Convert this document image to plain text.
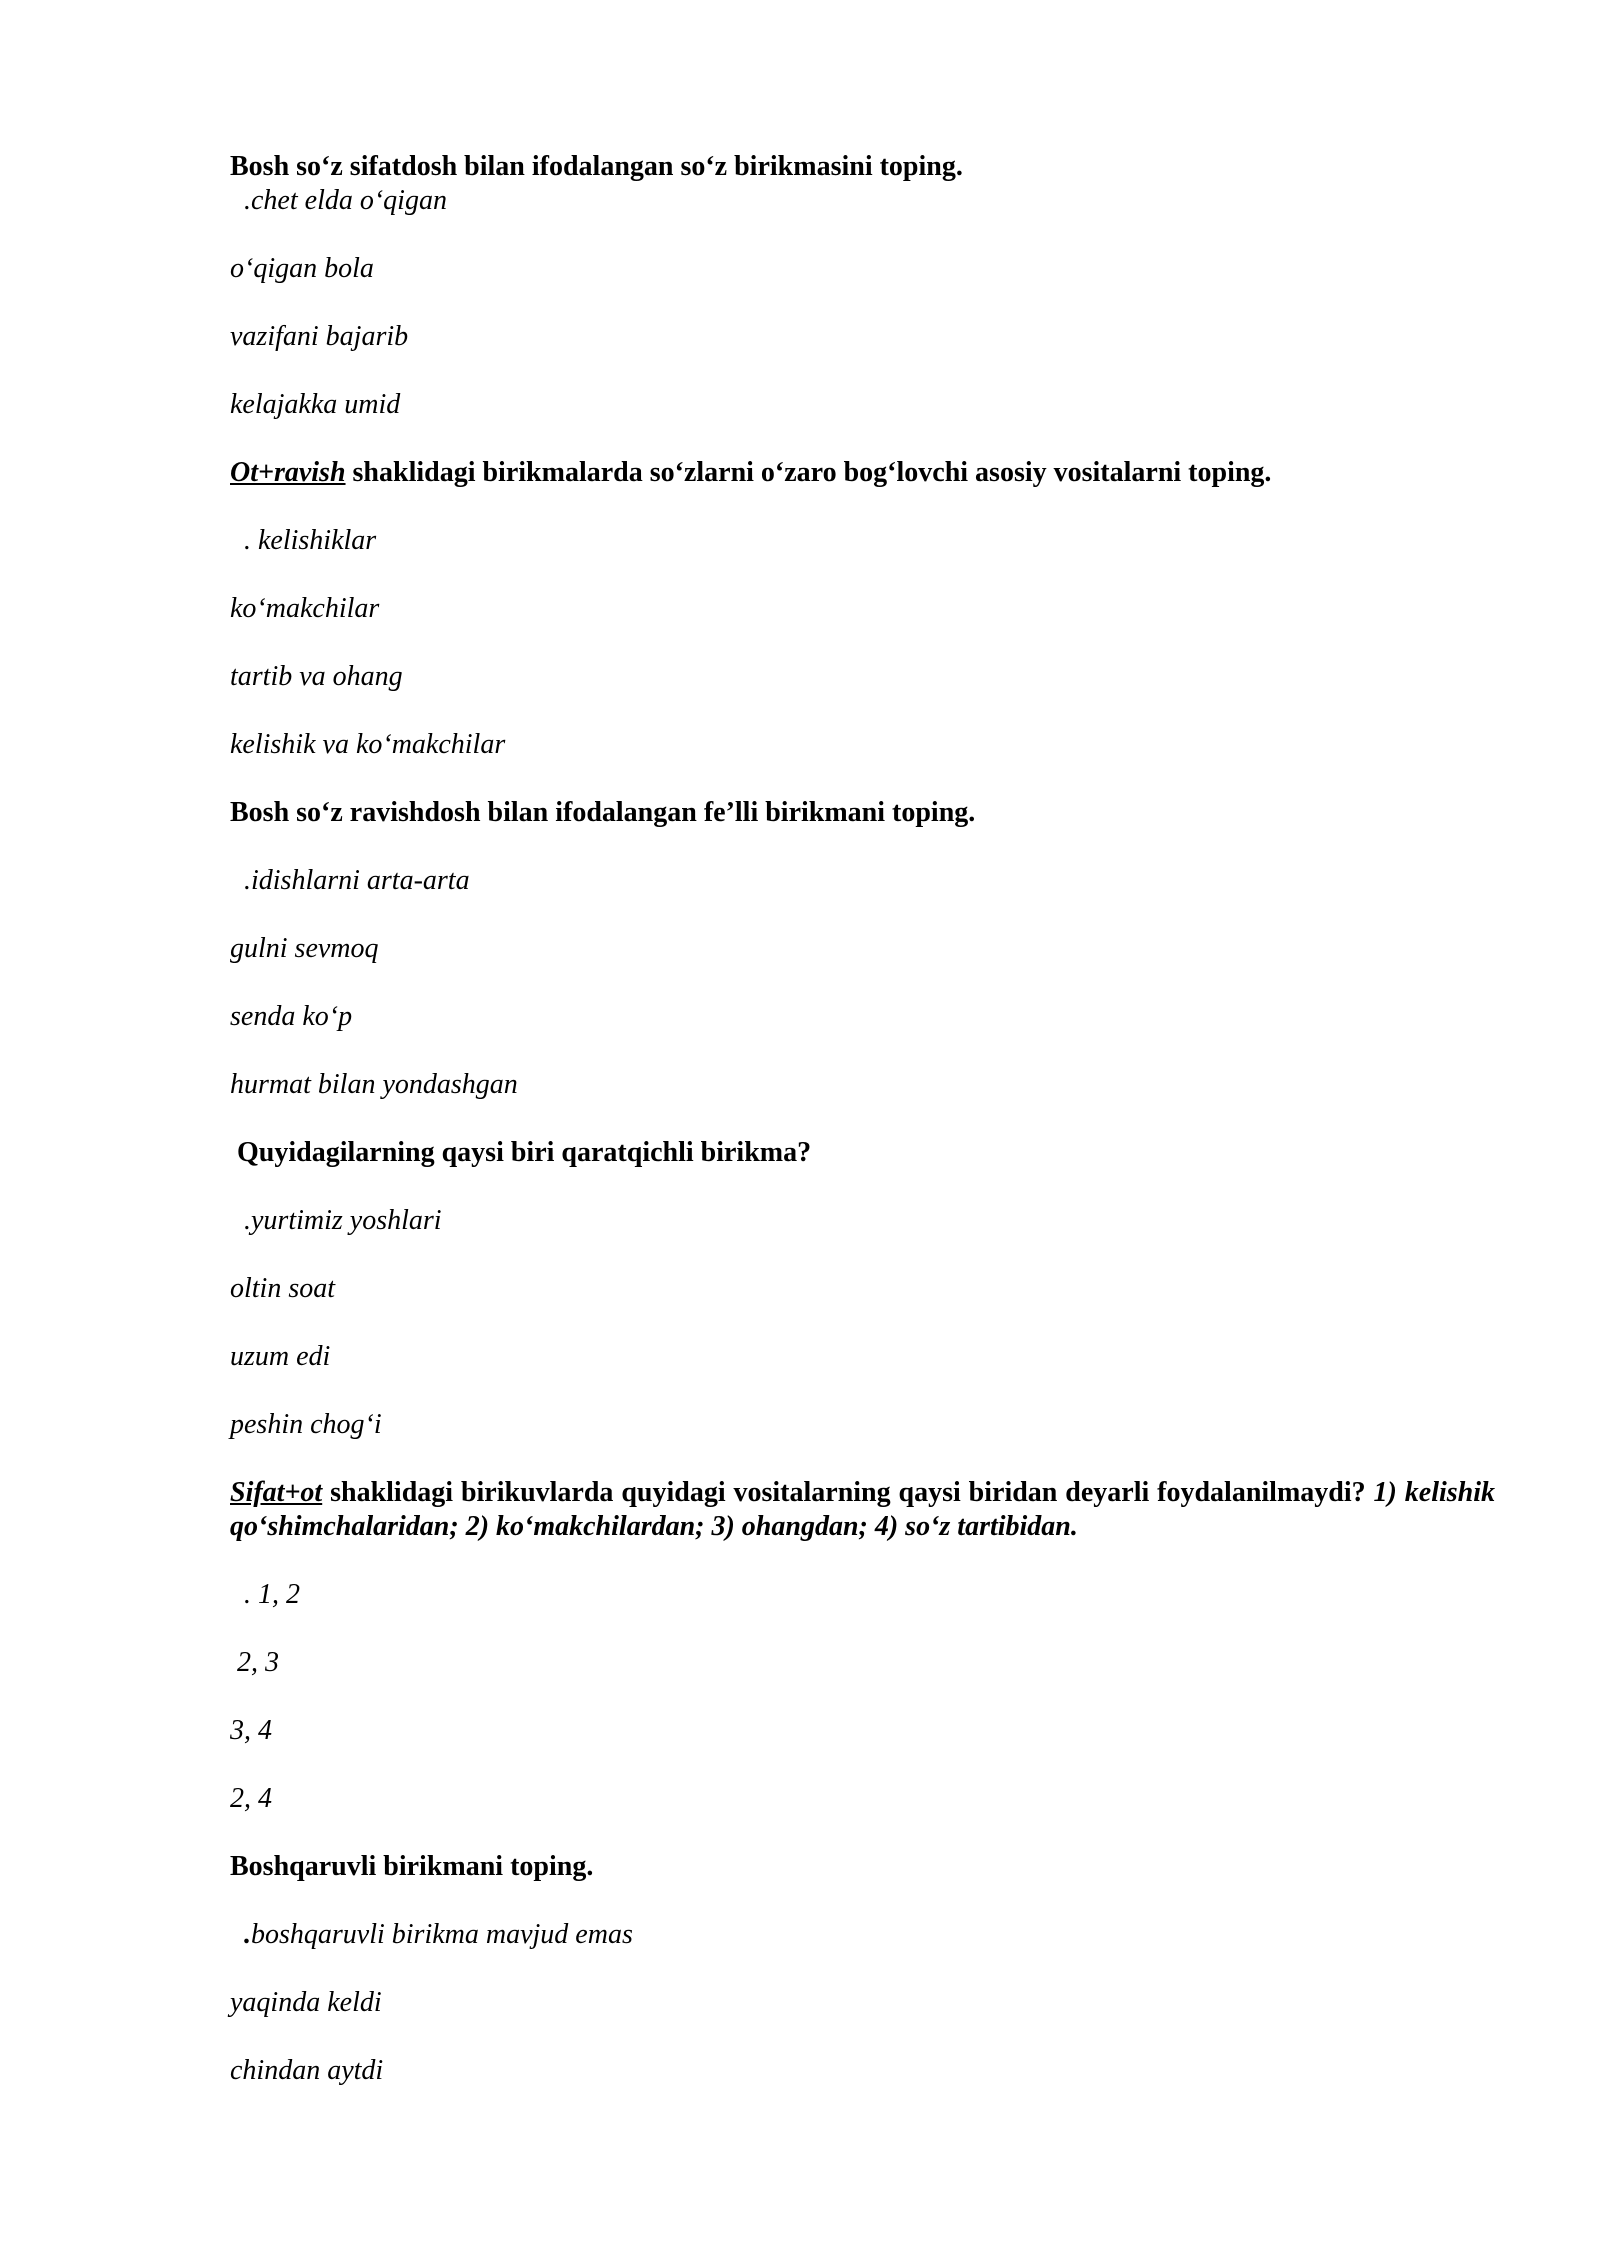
Bosh so‘z sifatdosh bilan ifodalangan so‘z birikmasini toping.
.chet elda o‘qigan
o‘qigan bola
vazifani bajarib
kelajakka umid
Ot+ravish shaklidagi birikmalarda so‘zlarni o‘zaro bog‘lovchi asosiy vositalarni toping.
. kelishiklar
ko‘makchilar
tartib va ohang
kelishik va ko‘makchilar
Bosh so‘z ravishdosh bilan ifodalangan fe’lli birikmani toping.
.idishlarni arta-arta
gulni sevmoq
senda ko‘p
hurmat bilan yondashgan
Quyidagilarning qaysi biri qaratqichli birikma?
.yurtimiz yoshlari
oltin soat
uzum edi
peshin chog‘i
Sifat+ot shaklidagi birikuvlarda quyidagi vositalarning qaysi biridan deyarli foydalanilmaydi? 1) kelishik qo‘shimchalaridan; 2) ko‘makchilardan; 3) ohangdan; 4) so‘z tartibidan.
. 1, 2
2, 3
3, 4
2, 4
Boshqaruvli birikmani toping.
.boshqaruvli birikma mavjud emas
yaqinda keldi
chindan aytdi
